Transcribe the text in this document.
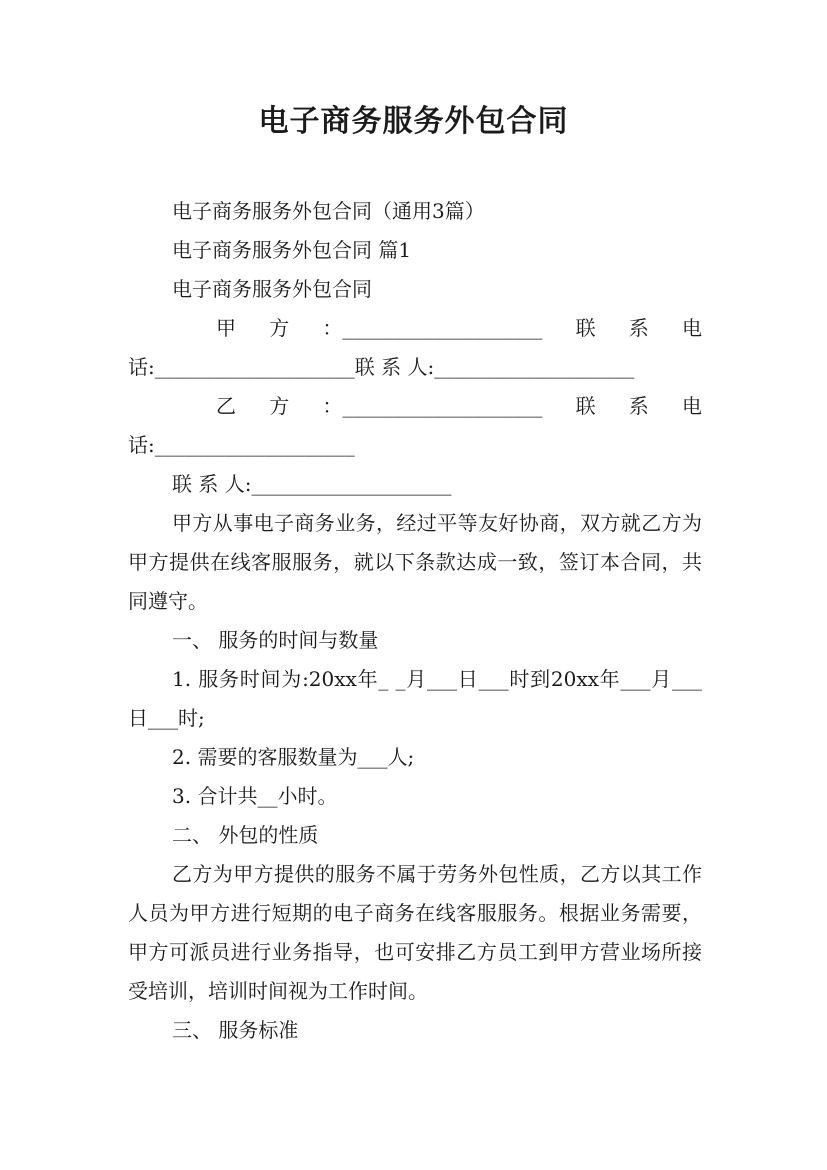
电子商务服务外包合同

电子商务服务外包合同（通用3篇）

电子商务服务外包合同 篇1

电子商务服务外包合同

甲 方 ：____________________ 联 系 电

话:____________________联 系 人:____________________

乙 方 ：____________________ 联 系 电

话:____________________

联 系 人:____________________

甲方从事电子商务业务，经过平等友好协商，双方就乙方为甲方提供在线客服服务，就以下条款达成一致，签订本合同，共同遵守。

一、 服务的时间与数量

1. 服务时间为:20xx年_ _月___日___时到20xx年___月___日___时;

2. 需要的客服数量为___人;

3. 合计共__小时。

二、 外包的性质

乙方为甲方提供的服务不属于劳务外包性质，乙方以其工作人员为甲方进行短期的电子商务在线客服服务。根据业务需要，甲方可派员进行业务指导，也可安排乙方员工到甲方营业场所接受培训，培训时间视为工作时间。

三、 服务标准
